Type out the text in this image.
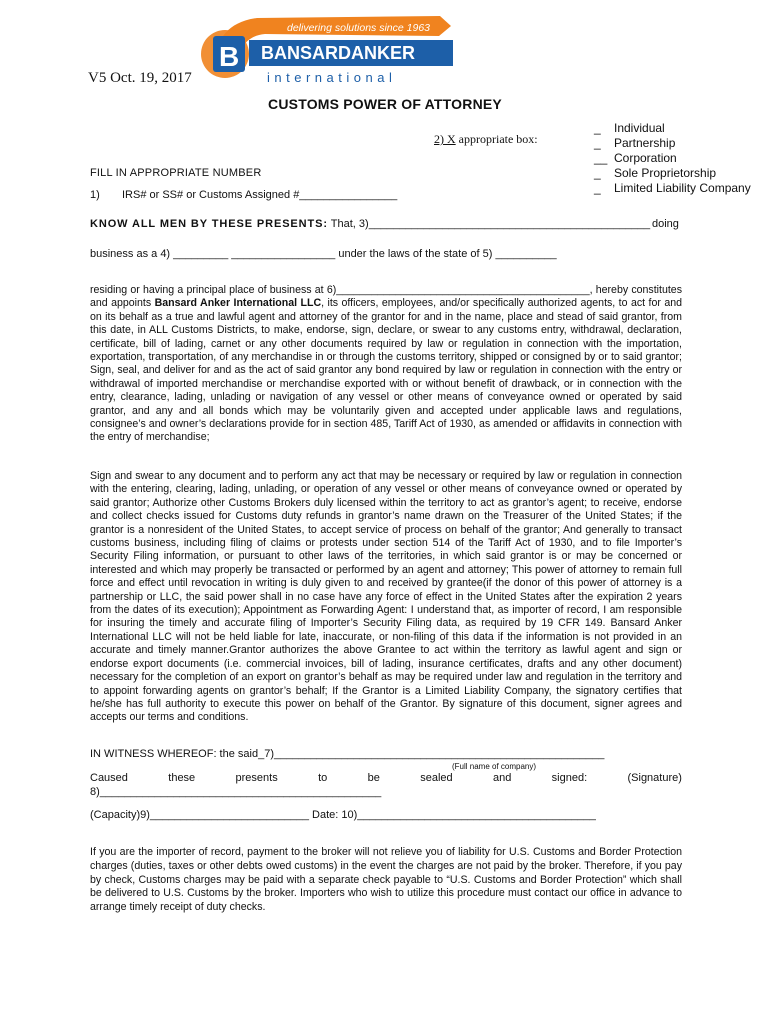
delivering solutions since 1963
B BANSARDANKER
international
V5 Oct. 19, 2017
CUSTOMS POWER OF ATTORNEY
2) X appropriate box:
_ Individual
_ Partnership
__ Corporation
_ Sole Proprietorship
_ Limited Liability Company
FILL IN APPROPRIATE NUMBER
1) IRS# or SS# or Customs Assigned #________________
KNOW ALL MEN BY THESE PRESENTS: That, 3)______________________________________________ doing
business as a 4) _________ _________________ under the laws of the state of 5) __________
residing or having a principal place of business at 6)___________________________________________, hereby constitutes and appoints Bansard Anker International LLC, its officers, employees, and/or specifically authorized agents, to act for and on its behalf as a true and lawful agent and attorney of the grantor for and in the name, place and stead of said grantor, from this date, in ALL Customs Districts, to make, endorse, sign, declare, or swear to any customs entry, withdrawal, declaration, certificate, bill of lading, carnet or any other documents required by law or regulation in connection with the importation, exportation, transportation, of any merchandise in or through the customs territory, shipped or consigned by or to said grantor; Sign, seal, and deliver for and as the act of said grantor any bond required by law or regulation in connection with the entry or withdrawal of imported merchandise or merchandise exported with or without benefit of drawback, or in connection with the entry, clearance, lading, unlading or navigation of any vessel or other means of conveyance owned or operated by said grantor, and any and all bonds which may be voluntarily given and accepted under applicable laws and regulations, consignee’s and owner’s declarations provide for in section 485, Tariff Act of 1930, as amended or affidavits in connection with the entry of merchandise;
Sign and swear to any document and to perform any act that may be necessary or required by law or regulation in connection with the entering, clearing, lading, unlading, or operation of any vessel or other means of conveyance owned or operated by said grantor; Authorize other Customs Brokers duly licensed within the territory to act as grantor’s agent; to receive, endorse and collect checks issued for Customs duty refunds in grantor’s name drawn on the Treasurer of the United States; if the grantor is a nonresident of the United States, to accept service of process on behalf of the grantor; And generally to transact customs business, including filing of claims or protests under section 514 of the Tariff Act of 1930, and to file Importer’s Security Filing information, or pursuant to other laws of the territories, in which said grantor is or may be concerned or interested and which may properly be transacted or performed by an agent and attorney; This power of attorney to remain full force and effect until revocation in writing is duly given to and received by grantee(if the donor of this power of attorney is a partnership or LLC, the said power shall in no case have any force of effect in the United States after the expiration 2 years from the dates of its execution); Appointment as Forwarding Agent: I understand that, as importer of record, I am responsible for insuring the timely and accurate filing of Importer’s Security Filing data, as required by 19 CFR 149. Bansard Anker International LLC will not be held liable for late, inaccurate, or non-filing of this data if the information is not provided in an accurate and timely manner.Grantor authorizes the above Grantee to act within the territory as lawful agent and sign or endorse export documents (i.e. commercial invoices, bill of lading, insurance certificates, drafts and any other document) necessary for the completion of an export on grantor’s behalf as may be required under law and regulation in the territory and to appoint forwarding agents on grantor’s behalf; If the Grantor is a Limited Liability Company, the signatory certifies that he/she has full authority to execute this power on behalf of the Grantor. By signature of this document, signer agrees and accepts our terms and conditions.
IN WITNESS WHEREOF: the said_7)______________________________________________________
(Full name of company)
Caused	these	presents	to	be	sealed	and	signed:	(Signature)
8)______________________________________________
(Capacity)9)__________________________ Date: 10)_______________________________________
If you are the importer of record, payment to the broker will not relieve you of liability for U.S. Customs and Border Protection charges (duties, taxes or other debts owed customs) in the event the charges are not paid by the broker. Therefore, if you pay by check, Customs charges may be paid with a separate check payable to “U.S. Customs and Border Protection” which shall be delivered to U.S. Customs by the broker. Importers who wish to utilize this procedure must contact our office in advance to arrange timely receipt of duty checks.
